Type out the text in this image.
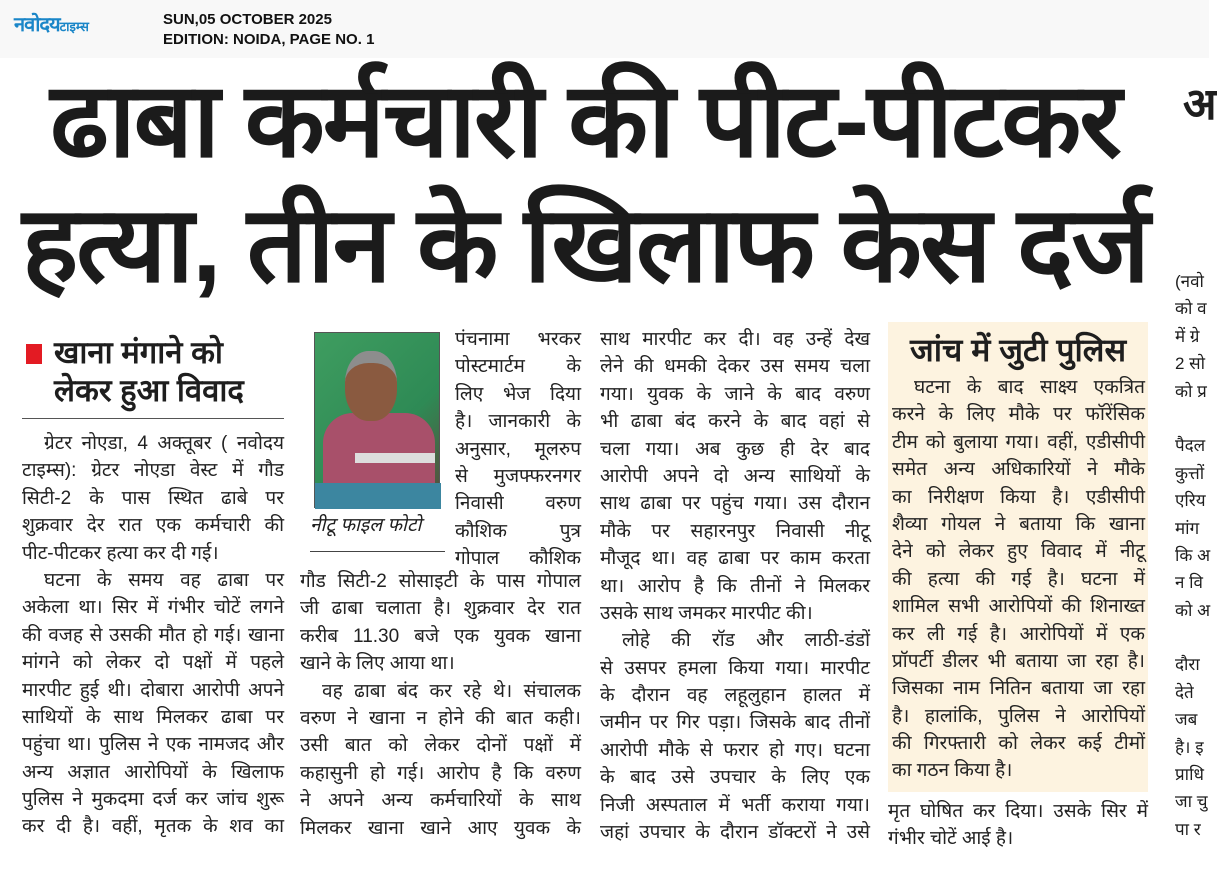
नवोदयटाइम्स	SUN,05 OCTOBER 2025
EDITION: NOIDA, PAGE NO. 1
ढाबा कर्मचारी की पीट-पीटकर
हत्या, तीन के खिलाफ केस दर्ज
खाना मंगाने को लेकर हुआ विवाद
ग्रेटर नोएडा, 4 अक्तूबर ( नवोदय
टाइम्स): ग्रेटर नोएडा वेस्ट में गौड
सिटी-2 के पास स्थित ढाबे पर
शुक्रवार देर रात एक कर्मचारी की
पीट-पीटकर हत्या कर दी गई।
घटना के समय वह ढाबा पर
अकेला था। सिर में गंभीर चोटें लगने
की वजह से उसकी मौत हो गई। खाना
मांगने को लेकर दो पक्षों में पहले
मारपीट हुई थी। दोबारा आरोपी अपने
साथियों के साथ मिलकर ढाबा पर
पहुंचा था। पुलिस ने एक नामजद और
अन्य अज्ञात आरोपियों के खिलाफ
पुलिस ने मुकदमा दर्ज कर जांच शुरू
कर दी है। वहीं, मृतक के शव का
नीटू फाइल फोटो
पंचनामा भरकर
पोस्टमार्टम के
लिए भेज दिया
है। जानकारी के
अनुसार, मूलरुप
से मुजफ्फरनगर
निवासी वरुण
कौशिक पुत्र
गोपाल कौशिक
गौड सिटी-2 सोसाइटी के पास गोपाल
जी ढाबा चलाता है। शुक्रवार देर रात
करीब 11.30 बजे एक युवक खाना
खाने के लिए आया था।
वह ढाबा बंद कर रहे थे। संचालक
वरुण ने खाना न होने की बात कही।
उसी बात को लेकर दोनों पक्षों में
कहासुनी हो गई। आरोप है कि वरुण
ने अपने अन्य कर्मचारियों के साथ
मिलकर खाना खाने आए युवक के
साथ मारपीट कर दी। वह उन्हें देख
लेने की धमकी देकर उस समय चला
गया। युवक के जाने के बाद वरुण
भी ढाबा बंद करने के बाद वहां से
चला गया। अब कुछ ही देर बाद
आरोपी अपने दो अन्य साथियों के
साथ ढाबा पर पहुंच गया। उस दौरान
मौके पर सहारनपुर निवासी नीटू
मौजूद था। वह ढाबा पर काम करता
था। आरोप है कि तीनों ने मिलकर
उसके साथ जमकर मारपीट की।
लोहे की रॉड और लाठी-डंडों
से उसपर हमला किया गया। मारपीट
के दौरान वह लहूलुहान हालत में
जमीन पर गिर पड़ा। जिसके बाद तीनों
आरोपी मौके से फरार हो गए। घटना
के बाद उसे उपचार के लिए एक
निजी अस्पताल में भर्ती कराया गया।
जहां उपचार के दौरान डॉक्टरों ने उसे
जांच में जुटी पुलिस
घटना के बाद साक्ष्य एकत्रित
करने के लिए मौके पर फॉरेंसिक
टीम को बुलाया गया। वहीं, एडीसीपी
समेत अन्य अधिकारियों ने मौके
का निरीक्षण किया है। एडीसीपी
शैव्या गोयल ने बताया कि खाना
देने को लेकर हुए विवाद में नीटू
की हत्या की गई है। घटना में
शामिल सभी आरोपियों की शिनाख्त
कर ली गई है। आरोपियों में एक
प्रॉपर्टी डीलर भी बताया जा रहा है।
जिसका नाम नितिन बताया जा रहा
है। हालांकि, पुलिस ने आरोपियों
की गिरफ्तारी को लेकर कई टीमों
का गठन किया है।
मृत घोषित कर दिया। उसके सिर में
गंभीर चोटें आई है।
अ
(नवो
को व
में ग्रे
2 सो
को प्र
पैदल
कुत्तों
एरिय
मांग
कि अ
न वि
को अ
दौरा
देते
जब
है। इ
प्राधि
जा चु
पा र
